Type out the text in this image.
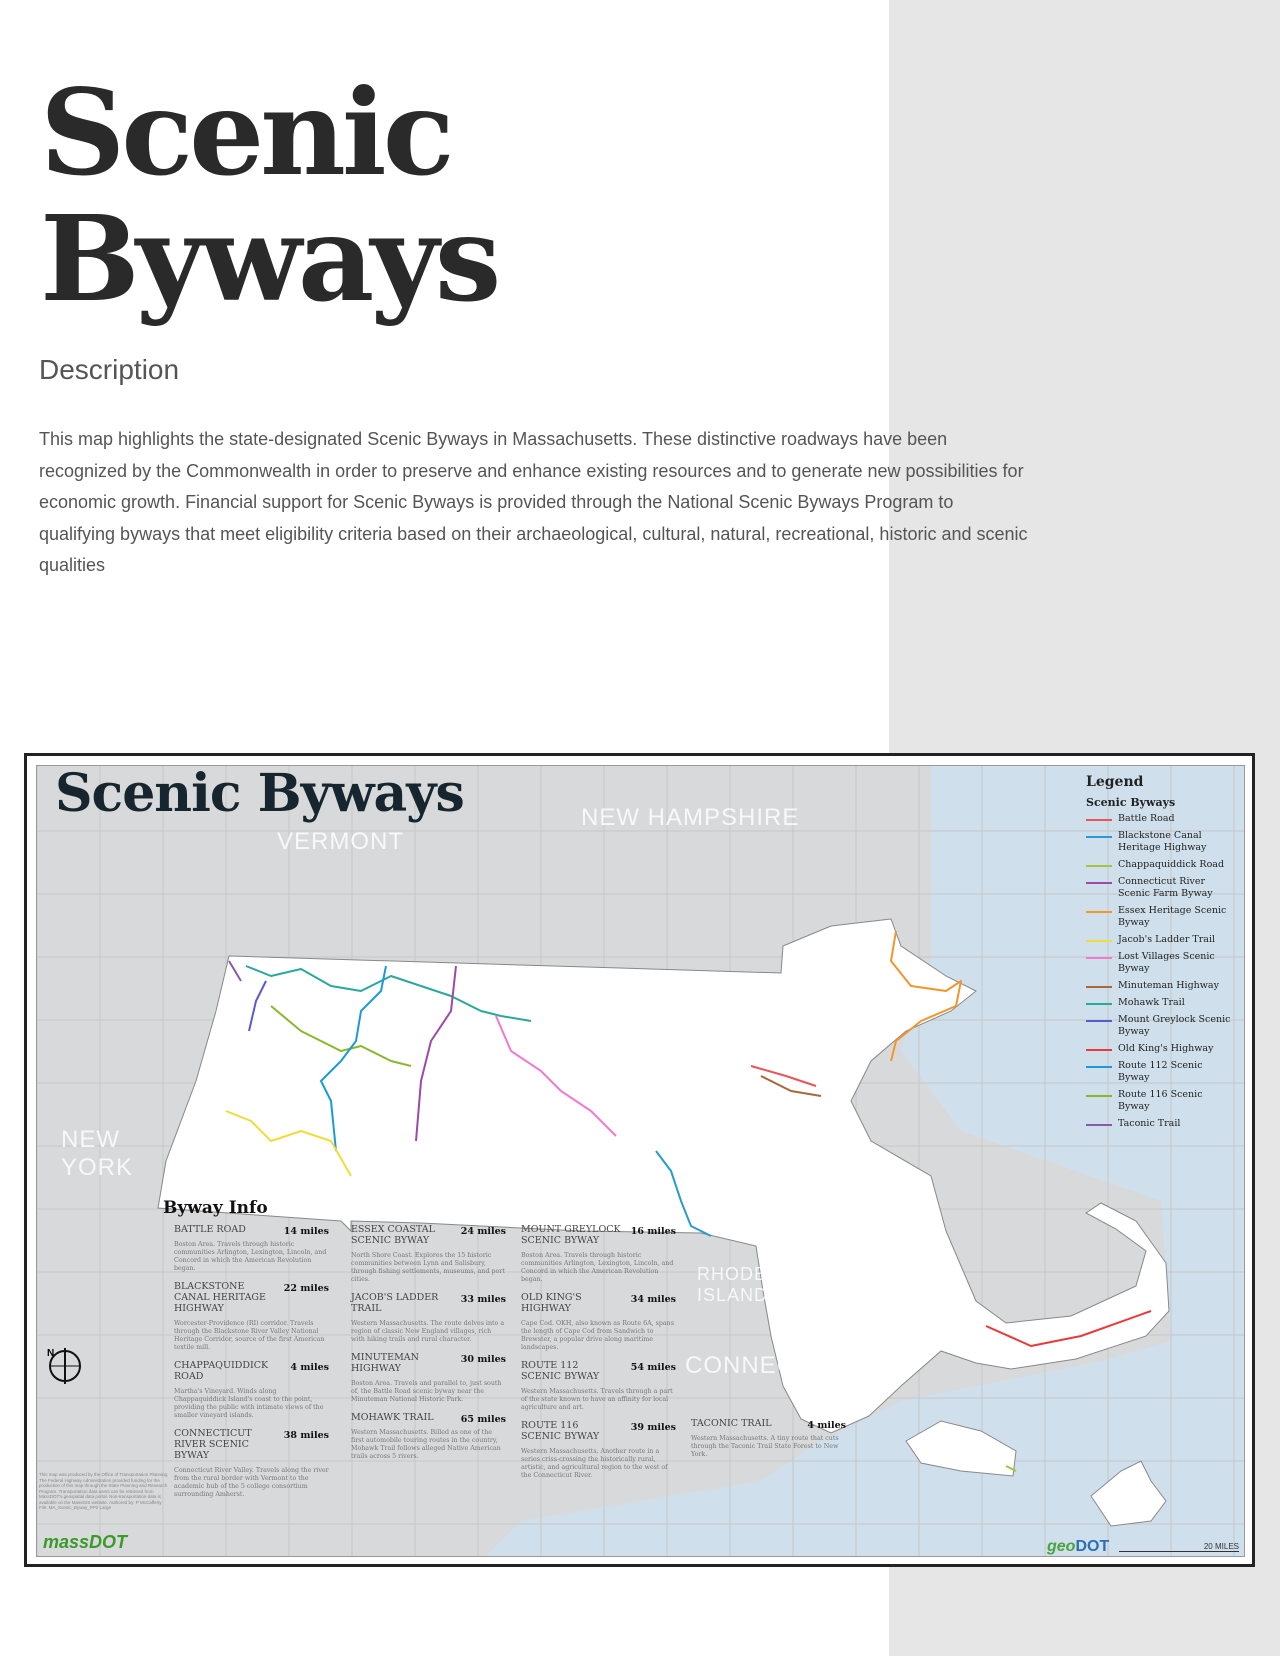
Scenic
Byways
Description

This map highlights the state-designated Scenic Byways in Massachusetts. These distinctive roadways have been recognized by the Commonwealth in order to preserve and enhance existing resources and to generate new possibilities for economic growth. Financial support for Scenic Byways is provided through the National Scenic Byways Program to qualifying byways that meet eligibility criteria based on their archaeological, cultural, natural, recreational, historic and scenic qualities

Scenic Byways
VERMONT
NEW HAMPSHIRE
NEW
YORK
CONNECTICUT
RHODE
ISLAND
Legend
Scenic Byways
Battle Road
Blackstone Canal Heritage Highway
Chappaquiddick Road
Connecticut River Scenic Farm Byway
Essex Heritage Scenic Byway
Jacob's Ladder Trail
Lost Villages Scenic Byway
Minuteman Highway
Mohawk Trail
Mount Greylock Scenic Byway
Old King's Highway
Route 112 Scenic Byway
Route 116 Scenic Byway
Taconic Trail
Byway Info
BATTLE ROAD	14 miles
Boston Area. Travels through historic communities Arlington, Lexington, Lincoln, and Concord in which the American Revolution began.
BLACKSTONE CANAL HERITAGE HIGHWAY
22 miles
Worcester-Providence (RI) corridor. Travels through the Blackstone River Valley National Heritage Corridor, source of the first American textile mill.
CHAPPAQUIDDICK ROAD
4 miles
Martha's Vineyard. Winds along Chappaquiddick Island's coast to the point, providing the public with intimate views of the smaller vineyard islands.
CONNECTICUT RIVER SCENIC BYWAY
38 miles
Connecticut River Valley. Travels along the river from the rural border with Vermont to the academic hub of the 5 college consortium surrounding Amherst.
ESSEX COASTAL SCENIC BYWAY
24 miles
North Shore Coast. Explores the 15 historic communities between Lynn and Salisbury, through fishing settlements, museums, and port cities.
JACOB'S LADDER TRAIL
33 miles
Western Massachusetts. The route delves into a region of classic New England villages, rich with hiking trails and rural character.
MINUTEMAN HIGHWAY
30 miles
Boston Area. Travels and parallel to, just south of, the Battle Road scenic byway near the Minuteman National Historic Park.
MOHAWK TRAIL	65 miles
Western Massachusetts. Billed as one of the first automobile touring routes in the country, Mohawk Trail follows alleged Native American trails across 5 rivers.
MOUNT GREYLOCK SCENIC BYWAY
16 miles
Boston Area. Travels through historic communities Arlington, Lexington, Lincoln, and Concord in which the American Revolution began.
OLD KING'S HIGHWAY
34 miles
Cape Cod. OKH, also known as Route 6A, spans the length of Cape Cod from Sandwich to Brewster, a popular drive along maritime landscapes.
ROUTE 112 SCENIC BYWAY
54 miles
Western Massachusetts. Travels through a part of the state known to have an affinity for local agriculture and art.
ROUTE 116 SCENIC BYWAY
39 miles
Western Massachusetts. Another route in a series criss-crossing the historically rural, artistic, and agricultural region to the west of the Connecticut River.
TACONIC TRAIL	4 miles
Western Massachusetts. A tiny route that cuts through the Taconic Trail State Forest to New York.
N
This map was produced by the Office of Transportation Planning. The Federal Highway Administration provided funding for the production of this map through the State Planning and Research Program. Transportation data users can be retrieved from MassDOT's geospatial data portal. Non-transportation data is available on the MassGIS website. Authored by: P McCafferty File: MA_Scenic_Byway_PP2 Large
massDOT	geoDOT	20 MILES
